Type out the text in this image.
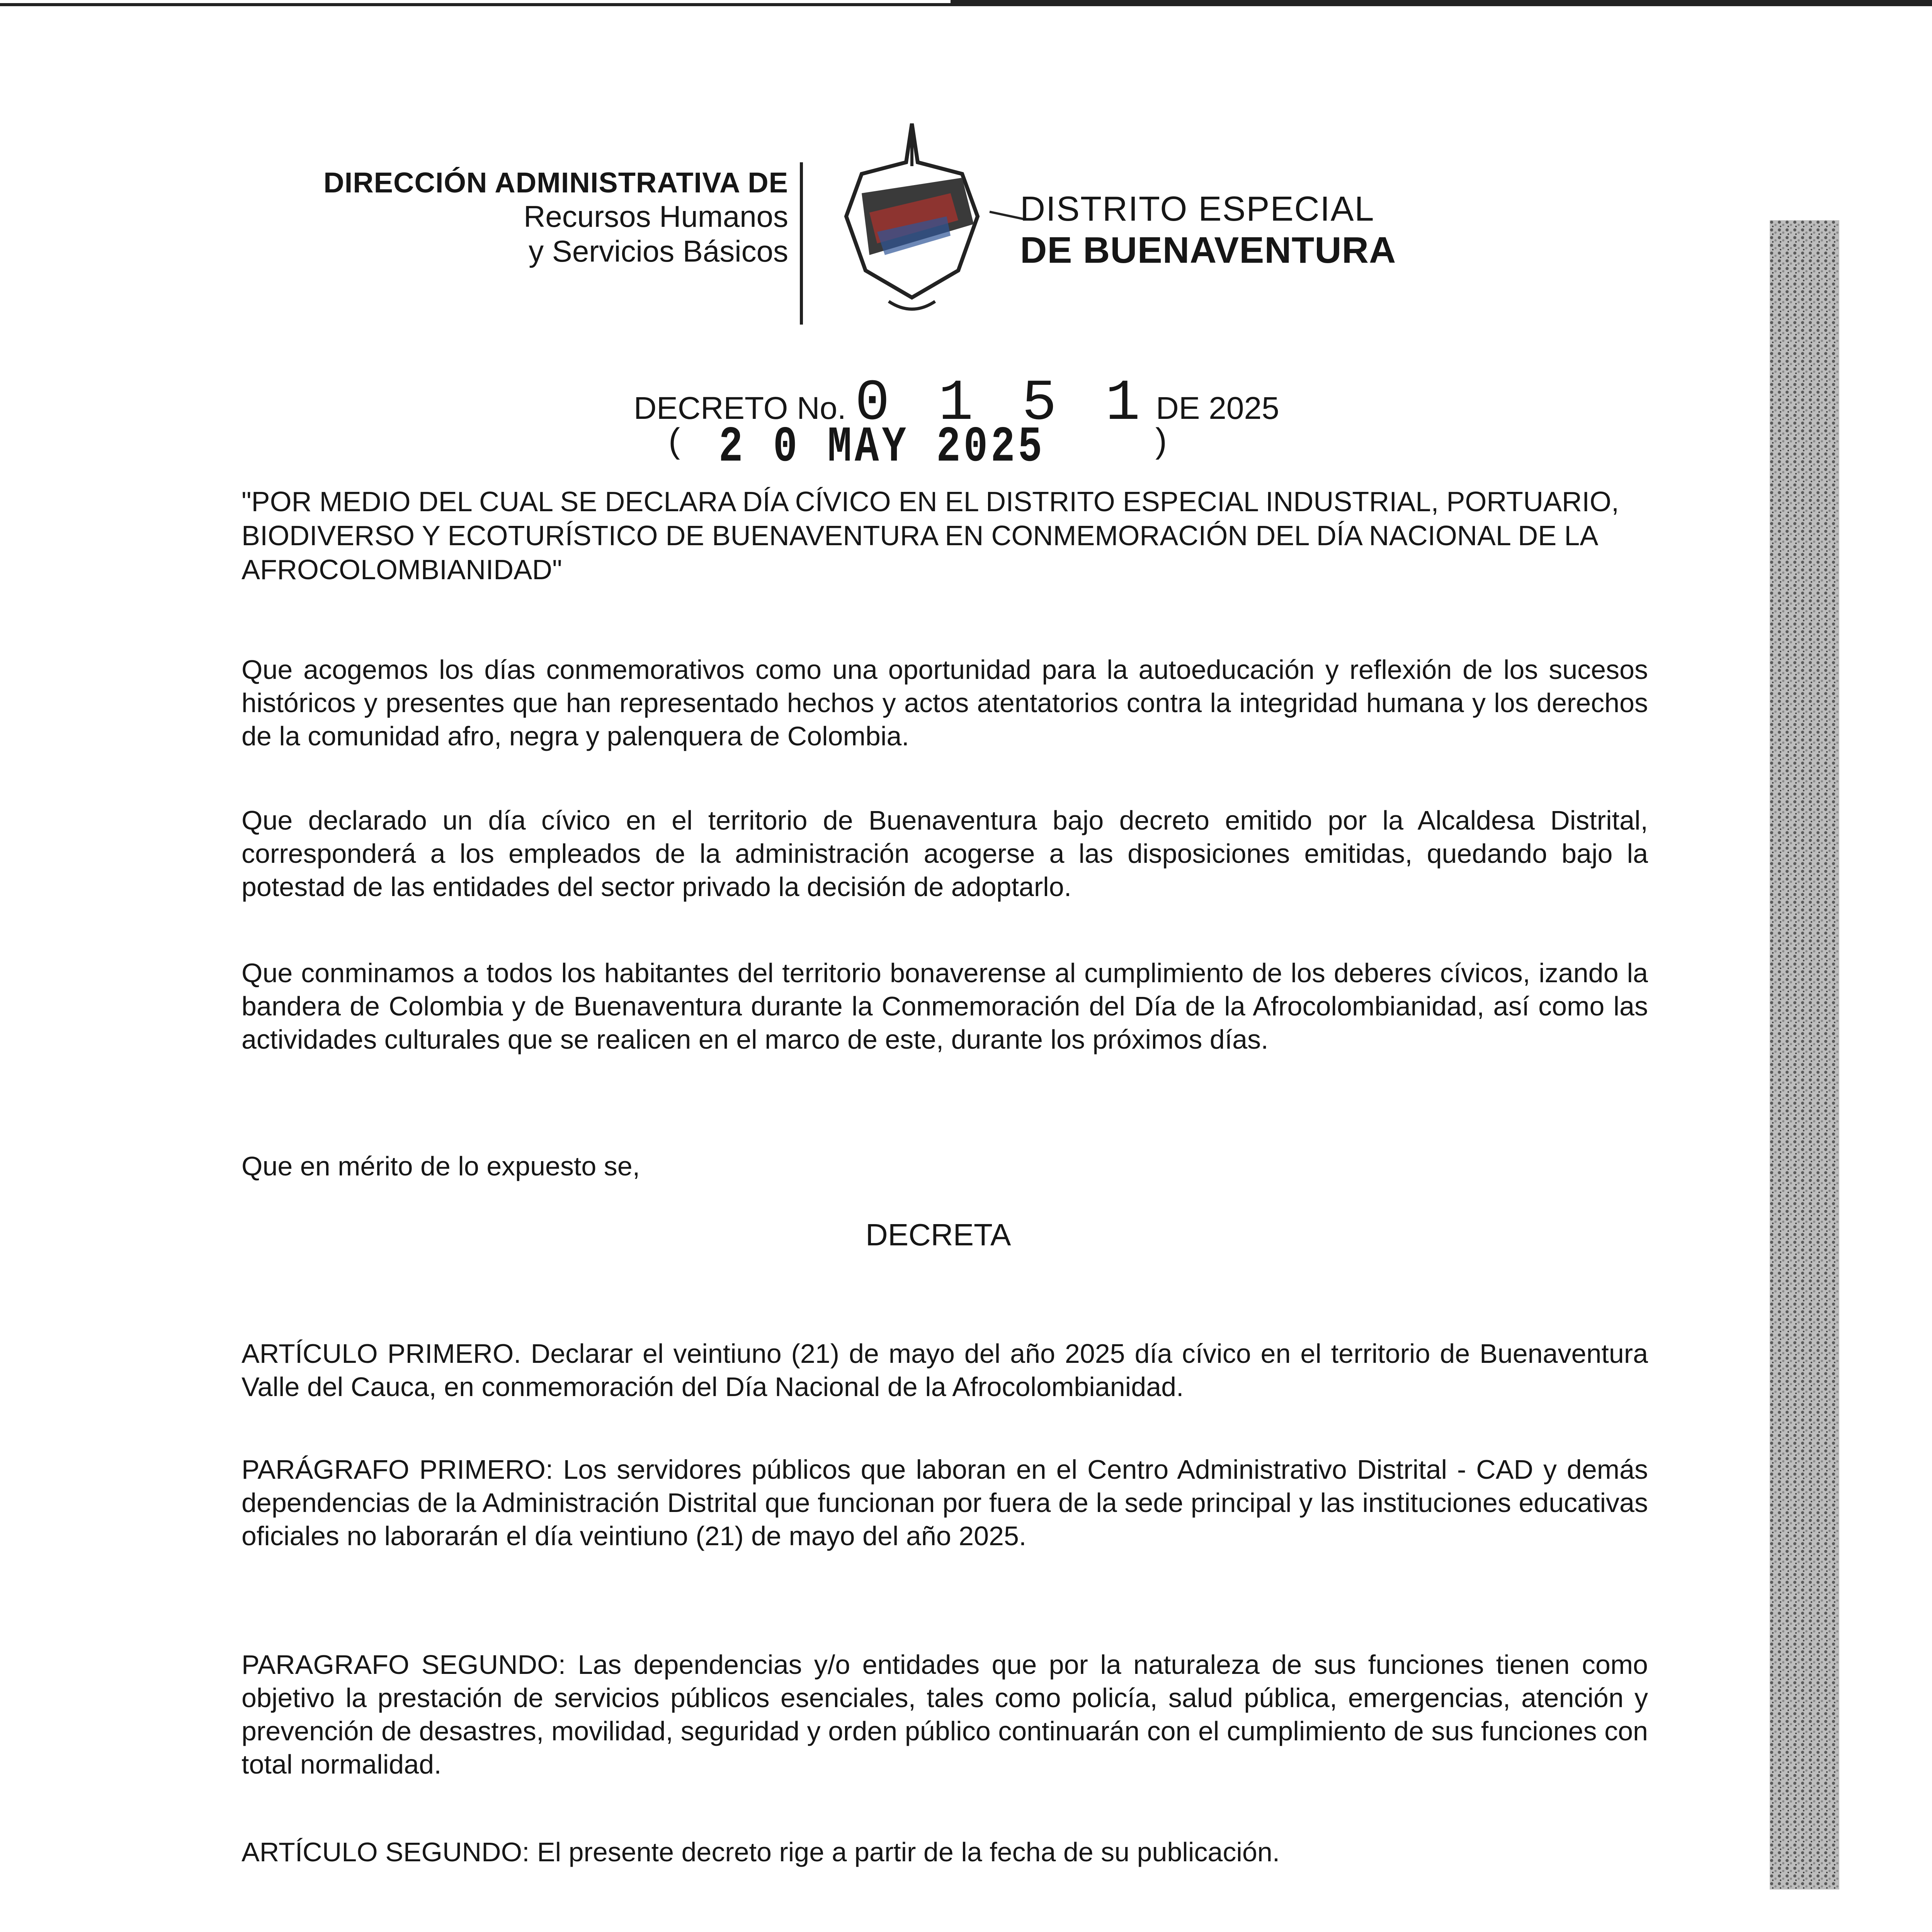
DIRECCIÓN ADMINISTRATIVA DE
Recursos Humanos
y Servicios Básicos
DISTRITO ESPECIAL
DE BUENAVENTURA
DECRETO No. 0 1 5 1 DE 2025
( 2 0 MAY 2025	)
"POR MEDIO DEL CUAL SE DECLARA DÍA CÍVICO EN EL DISTRITO ESPECIAL INDUSTRIAL, PORTUARIO, BIODIVERSO Y ECOTURÍSTICO DE BUENAVENTURA EN CONMEMORACIÓN DEL DÍA NACIONAL DE LA AFROCOLOMBIANIDAD"
Que acogemos los días conmemorativos como una oportunidad para la autoeducación y reflexión de los sucesos históricos y presentes que han representado hechos y actos atentatorios contra la integridad humana y los derechos de la comunidad afro, negra y palenquera de Colombia.
Que declarado un día cívico en el territorio de Buenaventura bajo decreto emitido por la Alcaldesa Distrital, corresponderá a los empleados de la administración acogerse a las disposiciones emitidas, quedando bajo la potestad de las entidades del sector privado la decisión de adoptarlo.
Que conminamos a todos los habitantes del territorio bonaverense al cumplimiento de los deberes cívicos, izando la bandera de Colombia y de Buenaventura durante la Conmemoración del Día de la Afrocolombianidad, así como las actividades culturales que se realicen en el marco de este, durante los próximos días.
Que en mérito de lo expuesto se,
DECRETA
ARTÍCULO PRIMERO. Declarar el veintiuno (21) de mayo del año 2025 día cívico en el territorio de Buenaventura Valle del Cauca, en conmemoración del Día Nacional de la Afrocolombianidad.
PARÁGRAFO PRIMERO: Los servidores públicos que laboran en el Centro Administrativo Distrital - CAD y demás dependencias de la Administración Distrital que funcionan por fuera de la sede principal y las instituciones educativas oficiales no laborarán el día veintiuno (21) de mayo del año 2025.
PARAGRAFO SEGUNDO: Las dependencias y/o entidades que por la naturaleza de sus funciones tienen como objetivo la prestación de servicios públicos esenciales, tales como policía, salud pública, emergencias, atención y prevención de desastres, movilidad, seguridad y orden público continuarán con el cumplimiento de sus funciones con total normalidad.
ARTÍCULO SEGUNDO: El presente decreto rige a partir de la fecha de su publicación.
